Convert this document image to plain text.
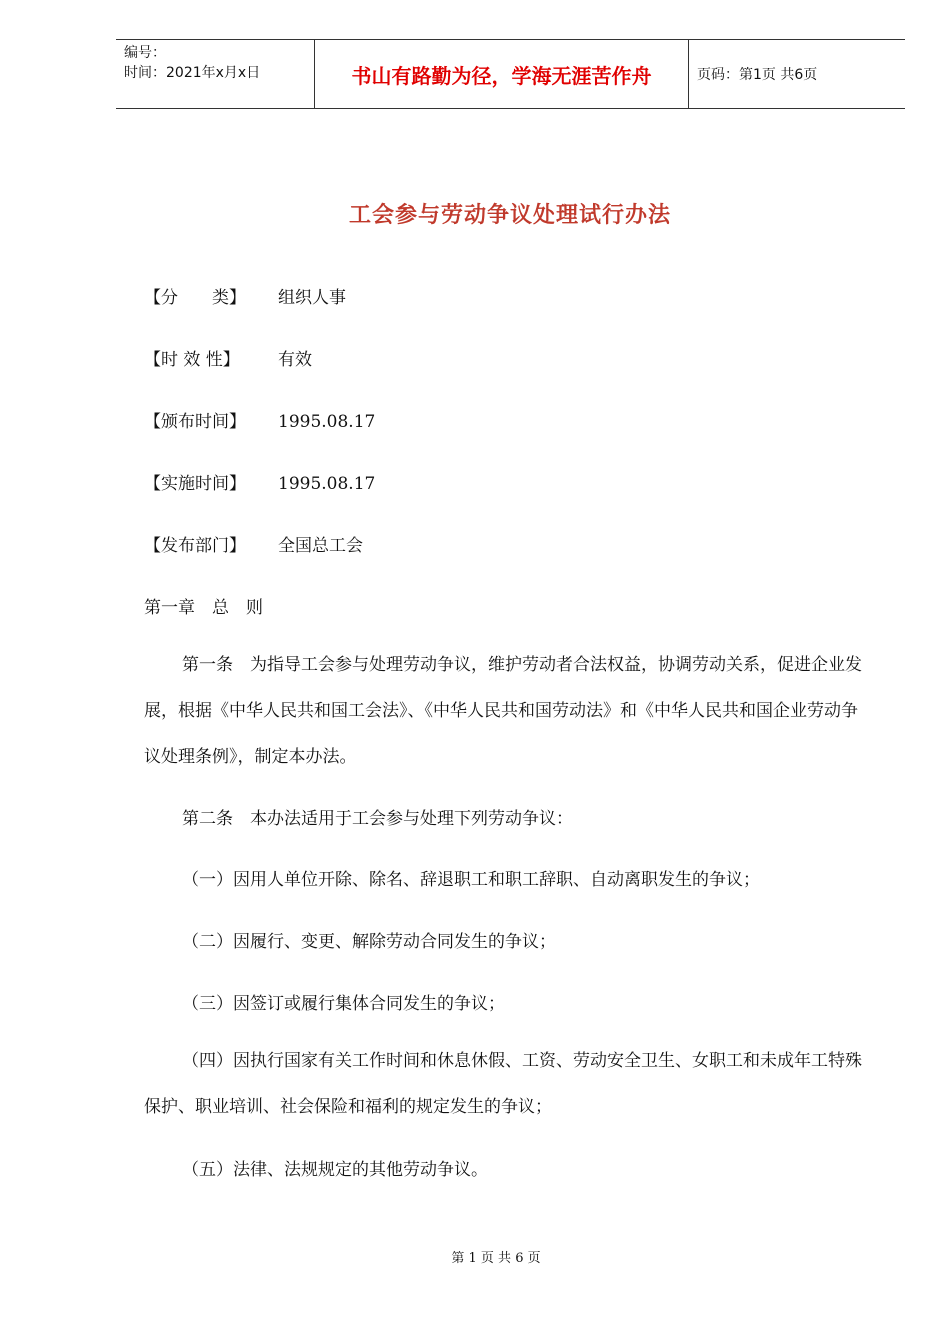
编号：
时间：2021年x月x日	书山有路勤为径，学海无涯苦作舟	页码：第1页 共6页
工会参与劳动争议处理试行办法
【分　　类】 组织人事
【时 效 性】 有效
【颁布时间】 1995.08.17
【实施时间】 1995.08.17
【发布部门】 全国总工会
第一章　总　则
第一条　为指导工会参与处理劳动争议，维护劳动者合法权益，协调劳动关系，促进企业发展，根据《中华人民共和国工会法》、《中华人民共和国劳动法》和《中华人民共和国企业劳动争议处理条例》，制定本办法。
第二条　本办法适用于工会参与处理下列劳动争议：
（一）因用人单位开除、除名、辞退职工和职工辞职、自动离职发生的争议；
（二）因履行、变更、解除劳动合同发生的争议；
（三）因签订或履行集体合同发生的争议；
（四）因执行国家有关工作时间和休息休假、工资、劳动安全卫生、女职工和未成年工特殊保护、职业培训、社会保险和福利的规定发生的争议；
（五）法律、法规规定的其他劳动争议。
第 1 页 共 6 页
